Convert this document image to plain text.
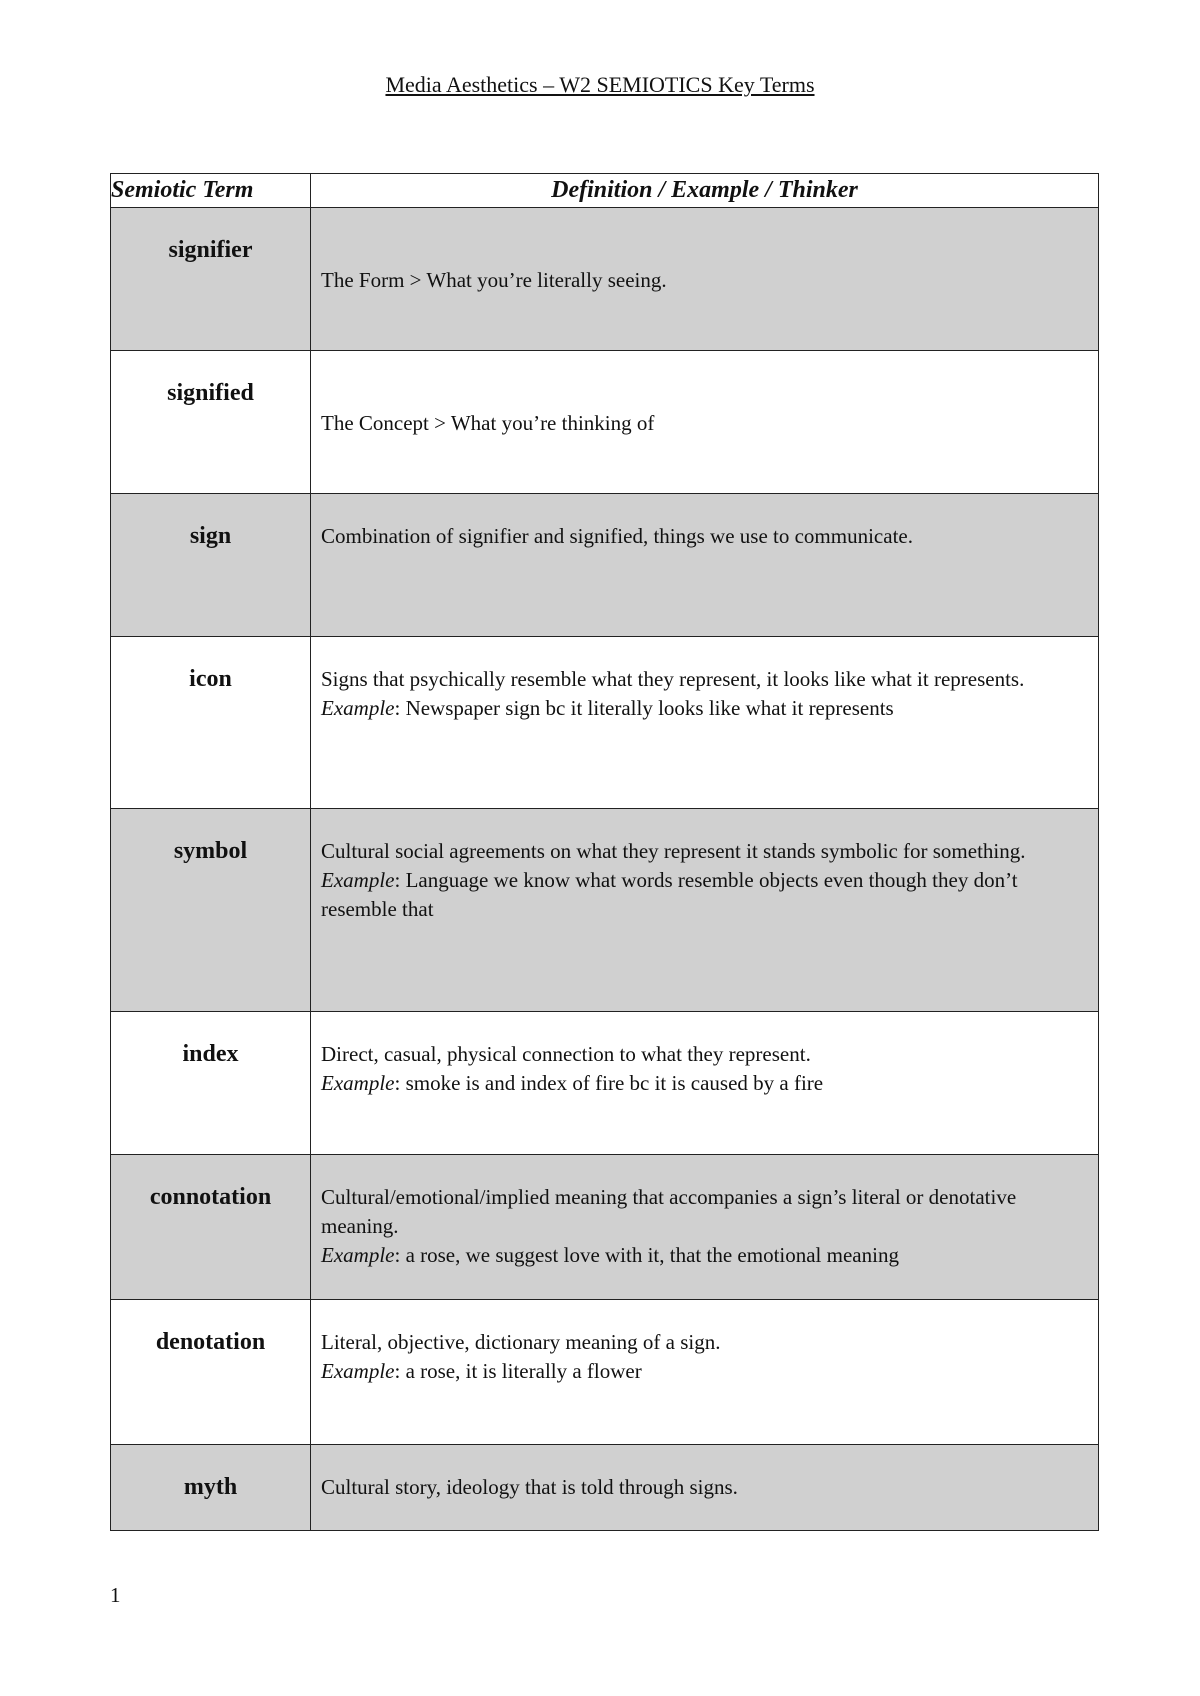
Media Aesthetics – W2 SEMIOTICS Key Terms
Semiotic Term	Definition / Example / Thinker
signifier	The Form > What you’re literally seeing.
signified	The Concept > What you’re thinking of
sign	Combination of signifier and signified, things we use to communicate.
icon	Signs that psychically resemble what they represent, it looks like what it represents.
Example: Newspaper sign bc it literally looks like what it represents
symbol	Cultural social agreements on what they represent it stands symbolic for something.
Example: Language we know what words resemble objects even though they don’t resemble that
index	Direct, casual, physical connection to what they represent.
Example: smoke is and index of fire bc it is caused by a fire
connotation	Cultural/emotional/implied meaning that accompanies a sign’s literal or denotative meaning.
Example: a rose, we suggest love with it, that the emotional meaning
denotation	Literal, objective, dictionary meaning of a sign.
Example: a rose, it is literally a flower
myth	Cultural story, ideology that is told through signs.
1
